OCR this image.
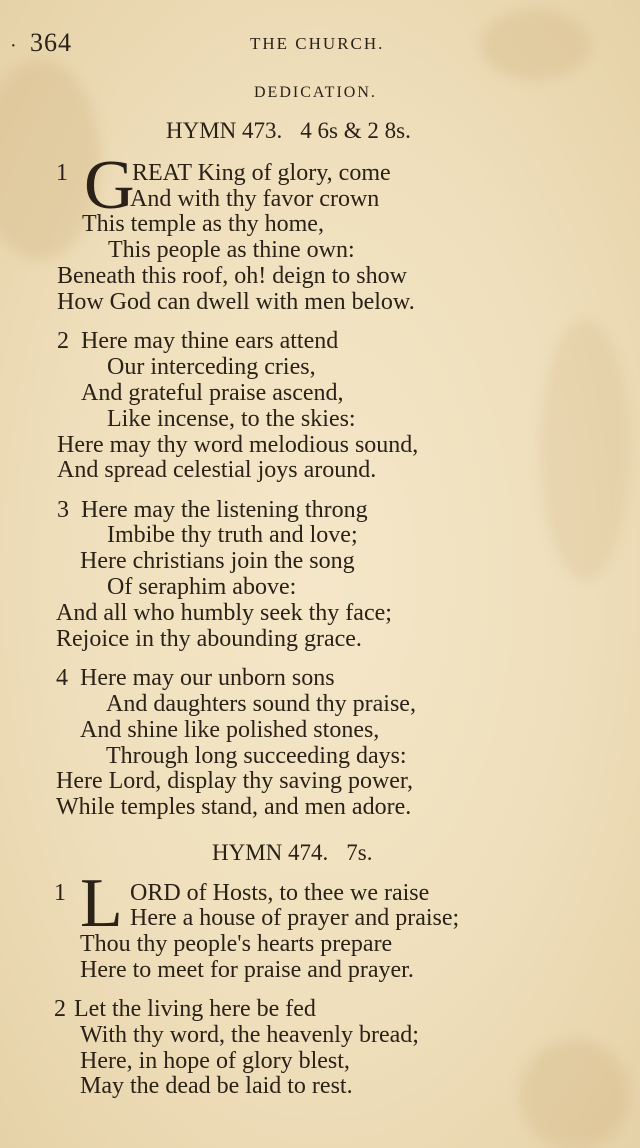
· 364	THE CHURCH.
DEDICATION.
HYMN 473. 4 6s & 2 8s.
1 G
REAT King of glory, come
And with thy favor crown
This temple as thy home,
This people as thine own:
Beneath this roof, oh! deign to show
How God can dwell with men below.
2 Here may thine ears attend
Our interceding cries,
And grateful praise ascend,
Like incense, to the skies:
Here may thy word melodious sound,
And spread celestial joys around.
3 Here may the listening throng
Imbibe thy truth and love;
Here christians join the song
Of seraphim above:
And all who humbly seek thy face;
Rejoice in thy abounding grace.
4 Here may our unborn sons
And daughters sound thy praise,
And shine like polished stones,
Through long succeeding days:
Here Lord, display thy saving power,
While temples stand, and men adore.
HYMN 474. 7s.
1 L ORD of Hosts, to thee we raise
Here a house of prayer and praise;
Thou thy people's hearts prepare
Here to meet for praise and prayer.
2 Let the living here be fed
With thy word, the heavenly bread;
Here, in hope of glory blest,
May the dead be laid to rest.
